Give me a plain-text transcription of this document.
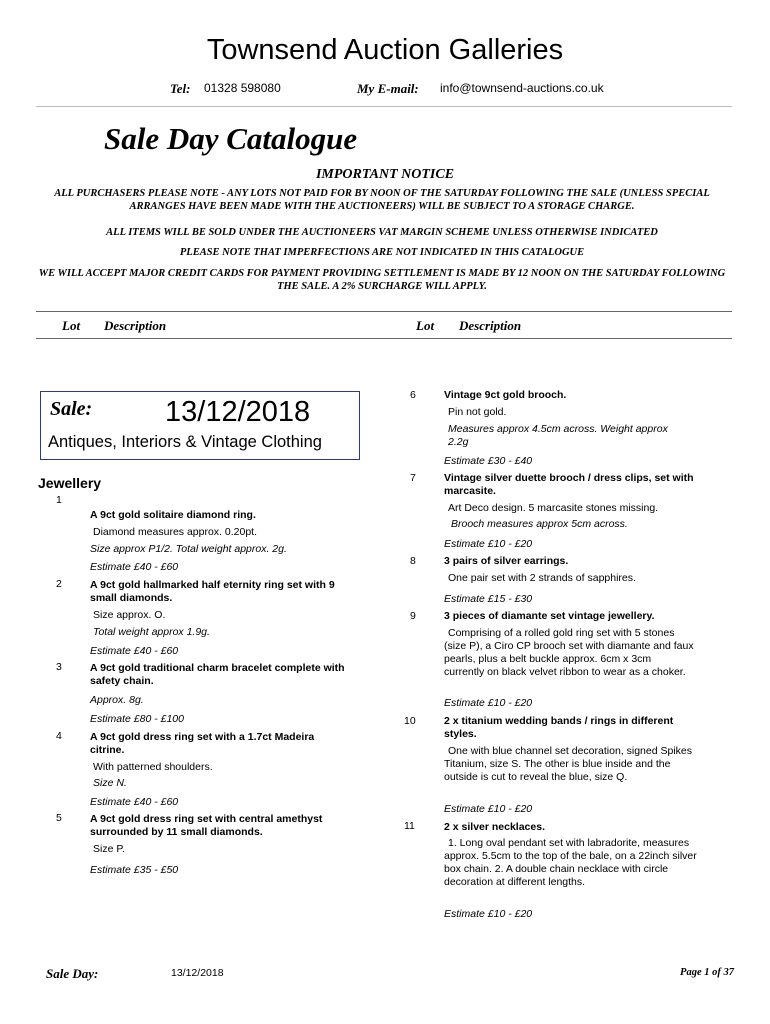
Townsend Auction Galleries
Tel: 01328 598080	My E-mail: info@townsend-auctions.co.uk
Sale Day Catalogue
IMPORTANT NOTICE
ALL PURCHASERS PLEASE NOTE - ANY LOTS NOT PAID FOR BY NOON OF THE SATURDAY FOLLOWING THE SALE (UNLESS SPECIAL ARRANGES HAVE BEEN MADE WITH THE AUCTIONEERS) WILL BE SUBJECT TO A STORAGE CHARGE.
ALL ITEMS WILL BE SOLD UNDER THE AUCTIONEERS VAT MARGIN SCHEME UNLESS OTHERWISE INDICATED
PLEASE NOTE THAT IMPERFECTIONS ARE NOT INDICATED IN THIS CATALOGUE
WE WILL ACCEPT MAJOR CREDIT CARDS FOR PAYMENT PROVIDING SETTLEMENT IS MADE BY 12 NOON ON THE SATURDAY FOLLOWING THE SALE. A 2% SURCHARGE WILL APPLY.
Lot Description	Lot Description
Sale:	13/12/2018
Antiques, Interiors & Vintage Clothing
Jewellery
1
A 9ct gold solitaire diamond ring.
Diamond measures approx. 0.20pt.
Size approx P1/2. Total weight approx. 2g.
Estimate £40 - £60
2	A 9ct gold hallmarked half eternity ring set with 9 small diamonds.
Size approx. O.
Total weight approx 1.9g.
Estimate £40 - £60
3	A 9ct gold traditional charm bracelet complete with safety chain.
Approx. 8g.
Estimate £80 - £100
4	A 9ct gold dress ring set with a 1.7ct Madeira citrine.
With patterned shoulders.
Size N.
Estimate £40 - £60
5	A 9ct gold dress ring set with central amethyst surrounded by 11 small diamonds.
Size P.
Estimate £35 - £50
6	Vintage 9ct gold brooch.
Pin not gold.
Measures approx 4.5cm across. Weight approx 2.2g
Estimate £30 - £40
7	Vintage silver duette brooch / dress clips, set with marcasite.
Art Deco design. 5 marcasite stones missing.
Brooch measures approx 5cm across.
Estimate £10 - £20
8	3 pairs of silver earrings.
One pair set with 2 strands of sapphires.
Estimate £15 - £30
9	3 pieces of diamante set vintage jewellery.
Comprising of a rolled gold ring set with 5 stones (size P), a Ciro CP brooch set with diamante and faux pearls, plus a belt buckle approx. 6cm x 3cm currently on black velvet ribbon to wear as a choker.
Estimate £10 - £20
10	2 x titanium wedding bands / rings in different styles.
One with blue channel set decoration, signed Spikes Titanium, size S. The other is blue inside and the outside is cut to reveal the blue, size Q.
Estimate £10 - £20
11	2 x silver necklaces.
1. Long oval pendant set with labradorite, measures approx. 5.5cm to the top of the bale, on a 22inch silver box chain. 2. A double chain necklace with circle decoration at different lengths.
Estimate £10 - £20
Sale Day:	13/12/2018	Page 1 of 37
